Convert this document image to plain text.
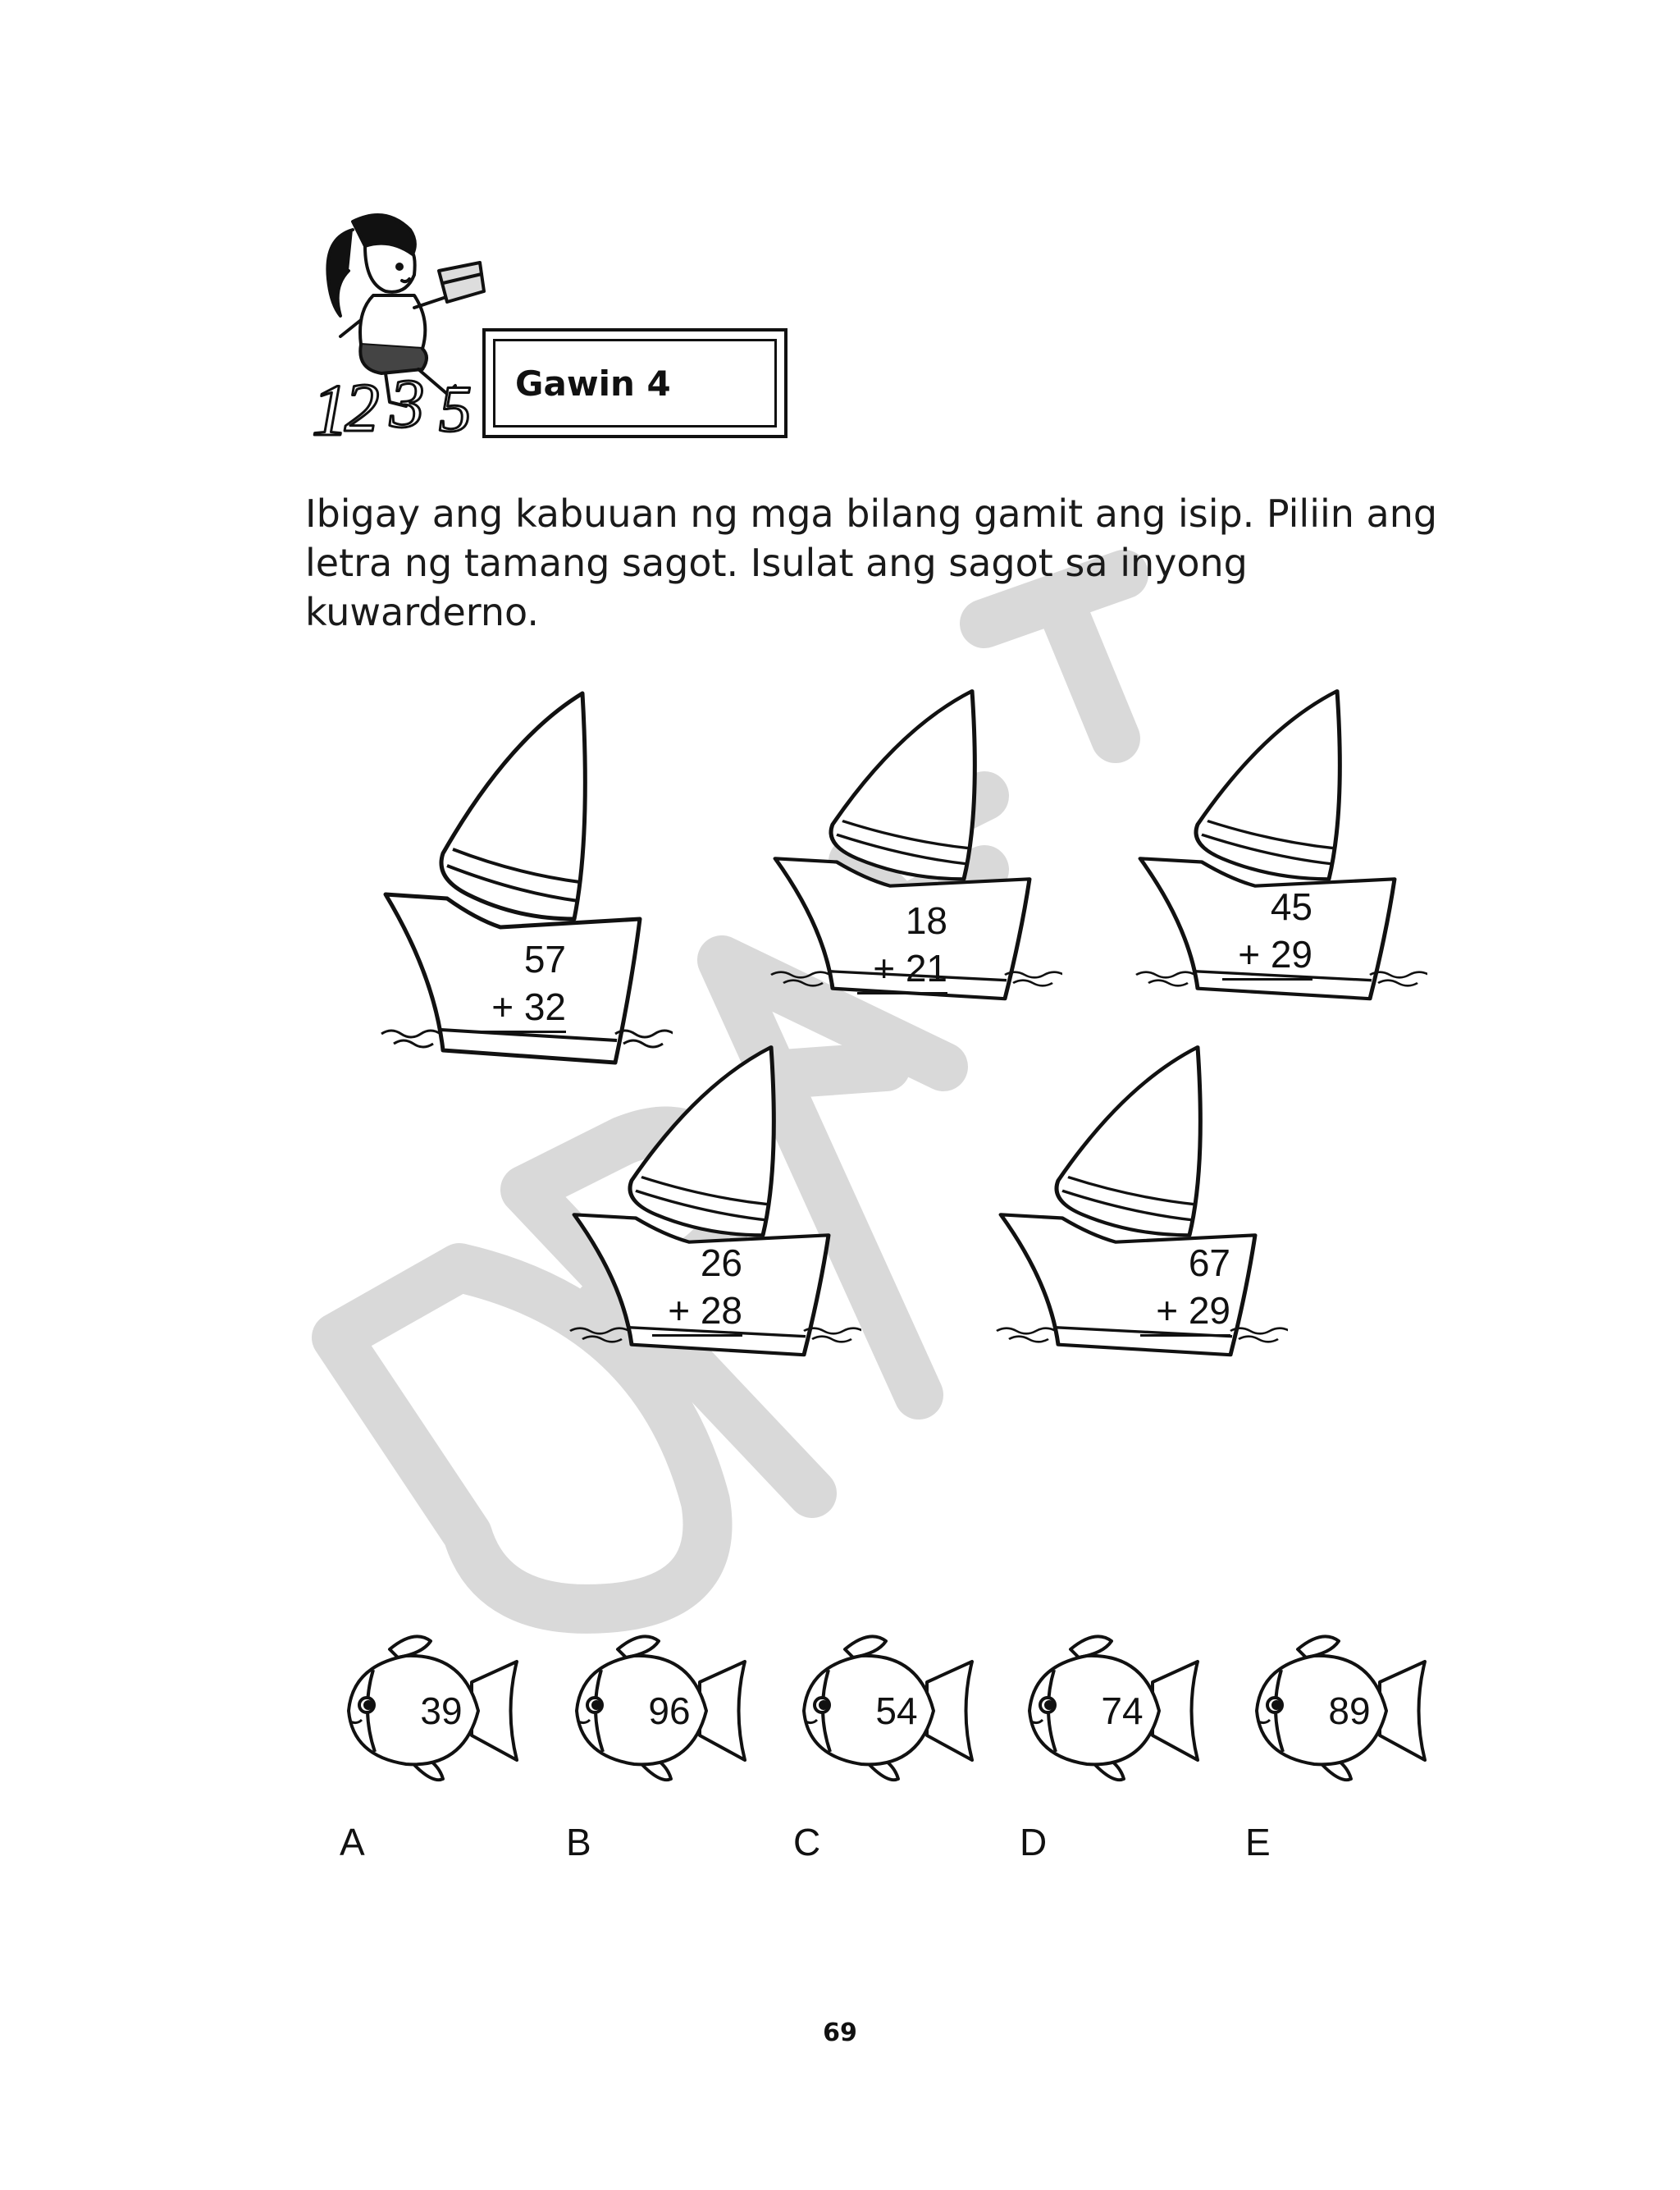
1
2 3 5	Gawin 4
Ibigay ang kabuuan ng mga bilang gamit ang isip. Piliin ang
letra ng tamang sagot. Isulat ang sagot sa inyong
kuwarderno.
57
+ 32
18
+ 21
45
+ 29
26
+ 28
67
+ 29
39	96	54	74	89
A	B	C	D	E
69
